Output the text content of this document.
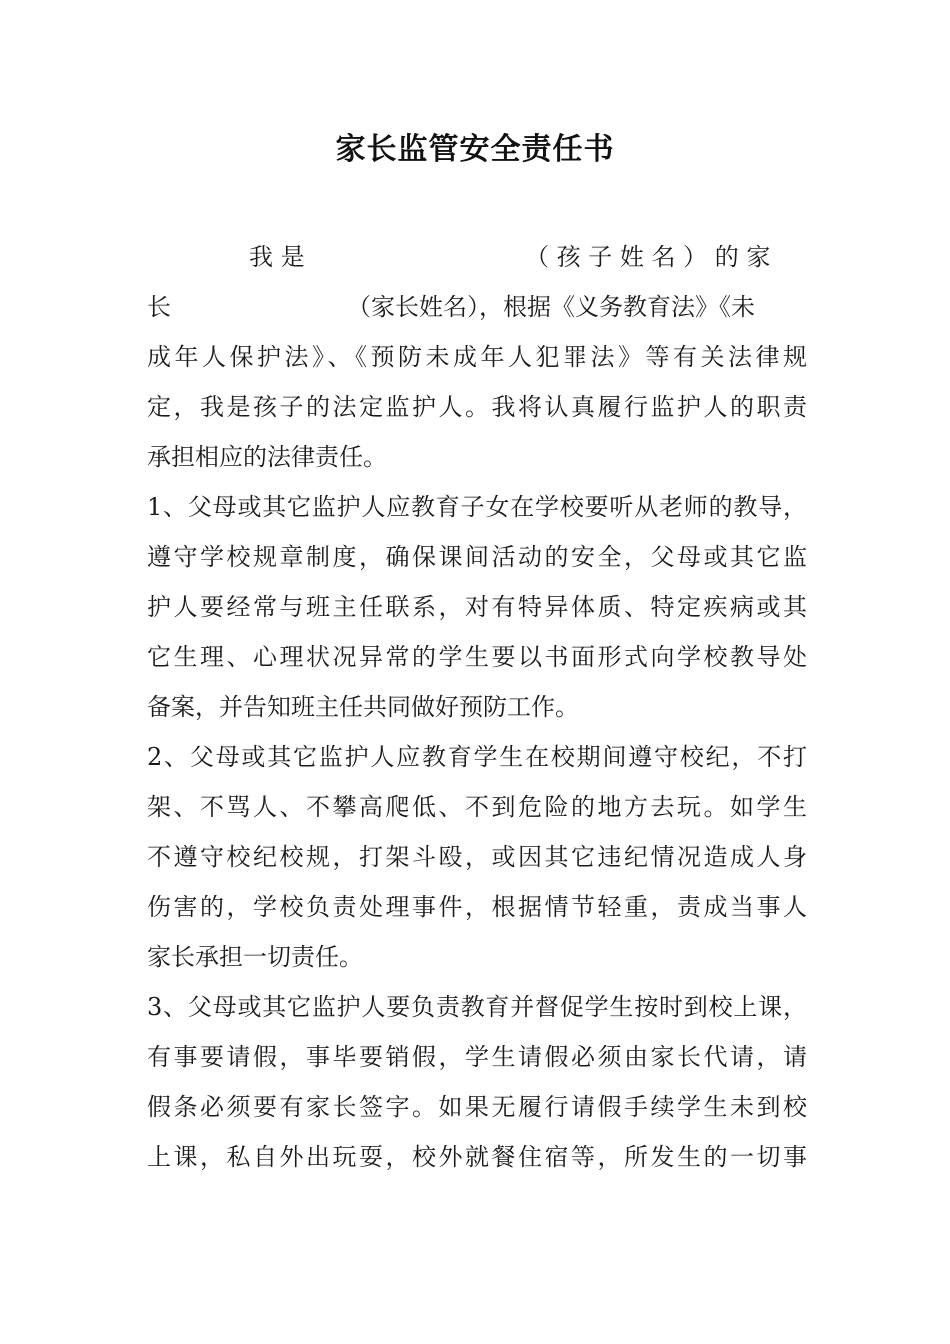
家长监管安全责任书
我 是	（ 孩 子 姓 名 ） 的 家
长	（家长姓名），根据《义务教育法》《未
成年人保护法》、《预防未成年人犯罪法》等有关法律规
定，我是孩子的法定监护人。我将认真履行监护人的职责
承担相应的法律责任。
1、父母或其它监护人应教育子女在学校要听从老师的教导，
遵守学校规章制度，确保课间活动的安全，父母或其它监
护人要经常与班主任联系，对有特异体质、特定疾病或其
它生理、心理状况异常的学生要以书面形式向学校教导处
备案，并告知班主任共同做好预防工作。
2、父母或其它监护人应教育学生在校期间遵守校纪，不打
架、不骂人、不攀高爬低、不到危险的地方去玩。如学生
不遵守校纪校规，打架斗殴，或因其它违纪情况造成人身
伤害的，学校负责处理事件，根据情节轻重，责成当事人
家长承担一切责任。
3、父母或其它监护人要负责教育并督促学生按时到校上课，
有事要请假，事毕要销假，学生请假必须由家长代请，请
假条必须要有家长签字。如果无履行请假手续学生未到校
上课，私自外出玩耍，校外就餐住宿等，所发生的一切事
